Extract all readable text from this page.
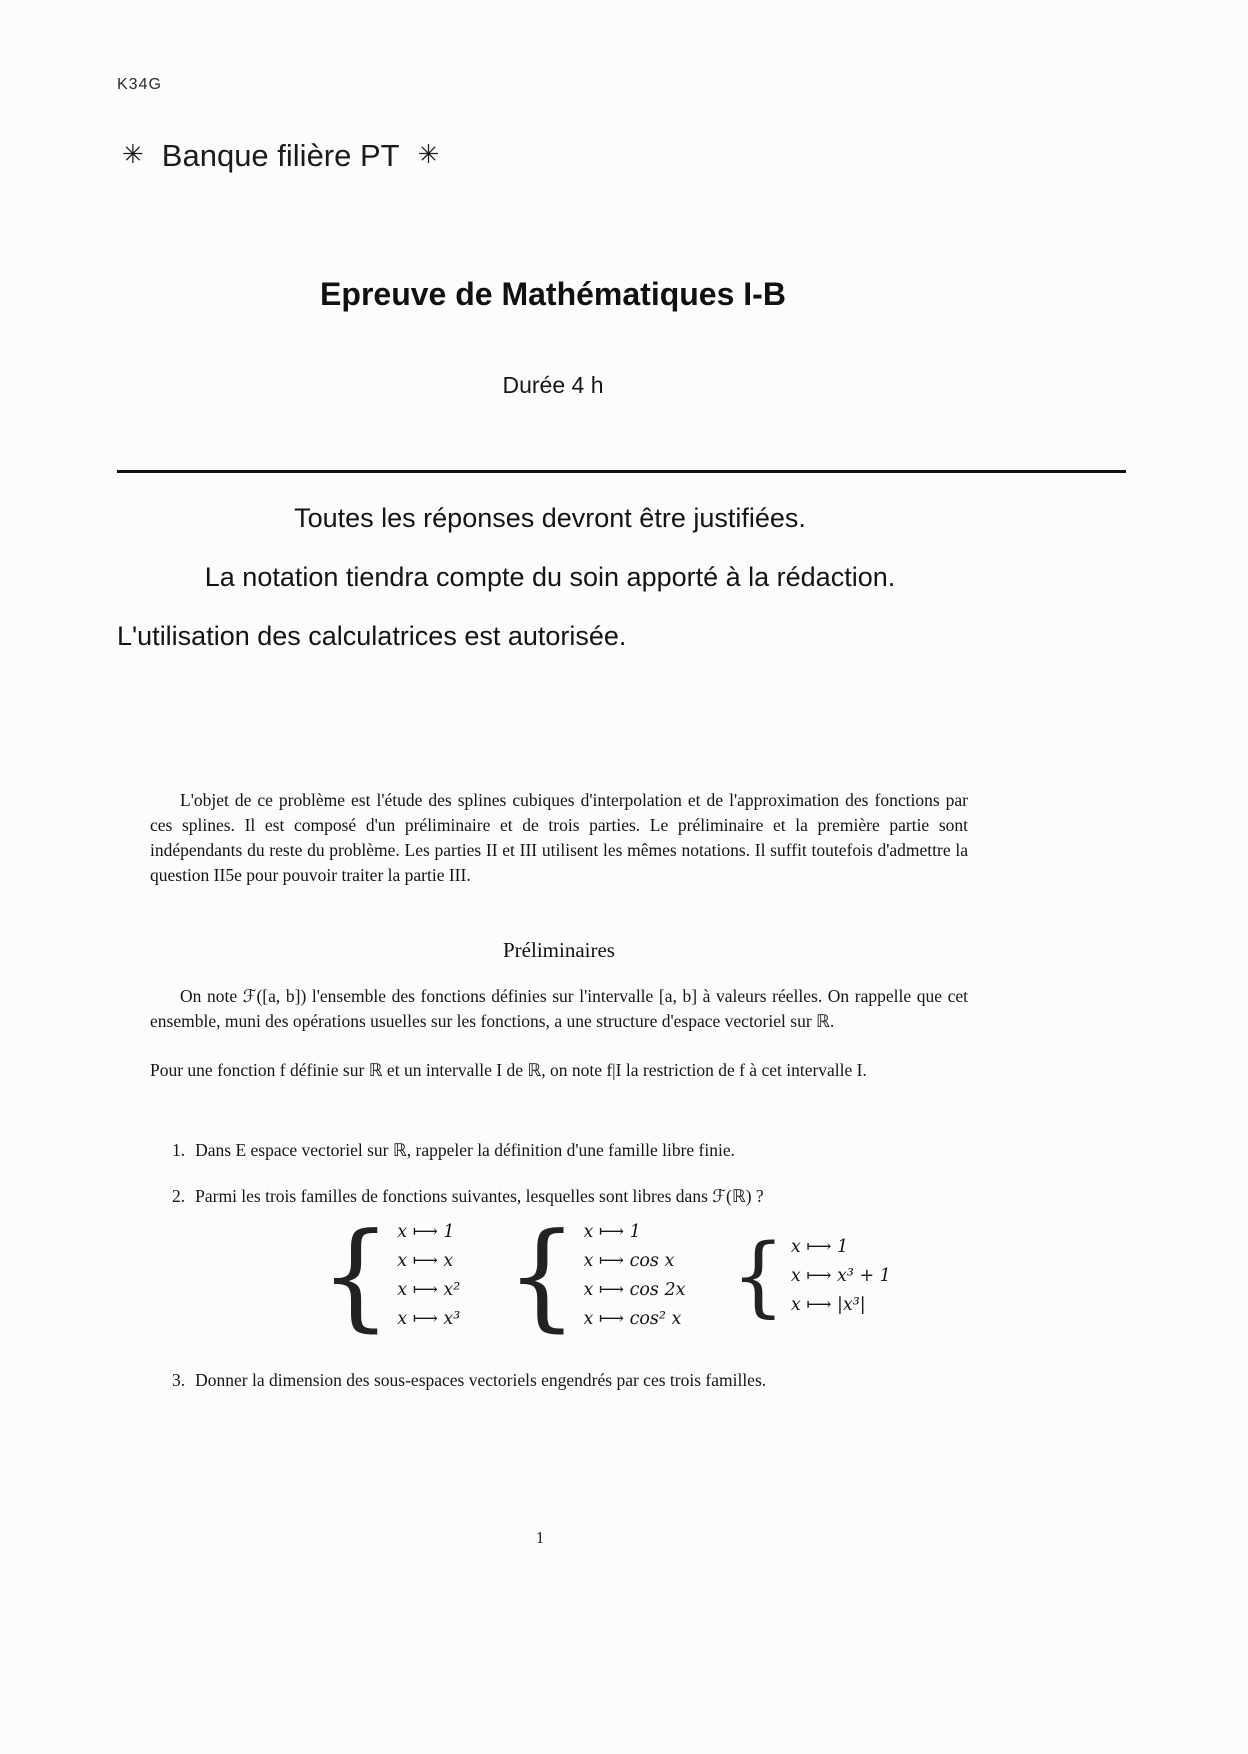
K34G
✳ Banque filière PT ✳
Epreuve de Mathématiques I-B
Durée 4 h
Toutes les réponses devront être justifiées.
La notation tiendra compte du soin apporté à la rédaction.
L'utilisation des calculatrices est autorisée.
L'objet de ce problème est l'étude des splines cubiques d'interpolation et de l'approximation des fonctions par ces splines. Il est composé d'un préliminaire et de trois parties. Le préliminaire et la première partie sont indépendants du reste du problème. Les parties II et III utilisent les mêmes notations. Il suffit toutefois d'admettre la question II5e pour pouvoir traiter la partie III.
Préliminaires
On note ℱ([a, b]) l'ensemble des fonctions définies sur l'intervalle [a, b] à valeurs réelles. On rappelle que cet ensemble, muni des opérations usuelles sur les fonctions, a une structure d'espace vectoriel sur ℝ.
Pour une fonction f définie sur ℝ et un intervalle I de ℝ, on note f|I la restriction de f à cet intervalle I.
1. Dans E espace vectoriel sur ℝ, rappeler la définition d'une famille libre finie.
2. Parmi les trois familles de fonctions suivantes, lesquelles sont libres dans ℱ(ℝ) ?
{ x ⟼ 1
x ⟼ x
x ⟼ x²
x ⟼ x³ { x ⟼ 1
x ⟼ cos x
x ⟼ cos 2x
x ⟼ cos² x { x ⟼ 1
x ⟼ x³ + 1
x ⟼ |x³|
3. Donner la dimension des sous-espaces vectoriels engendrés par ces trois familles.
1
